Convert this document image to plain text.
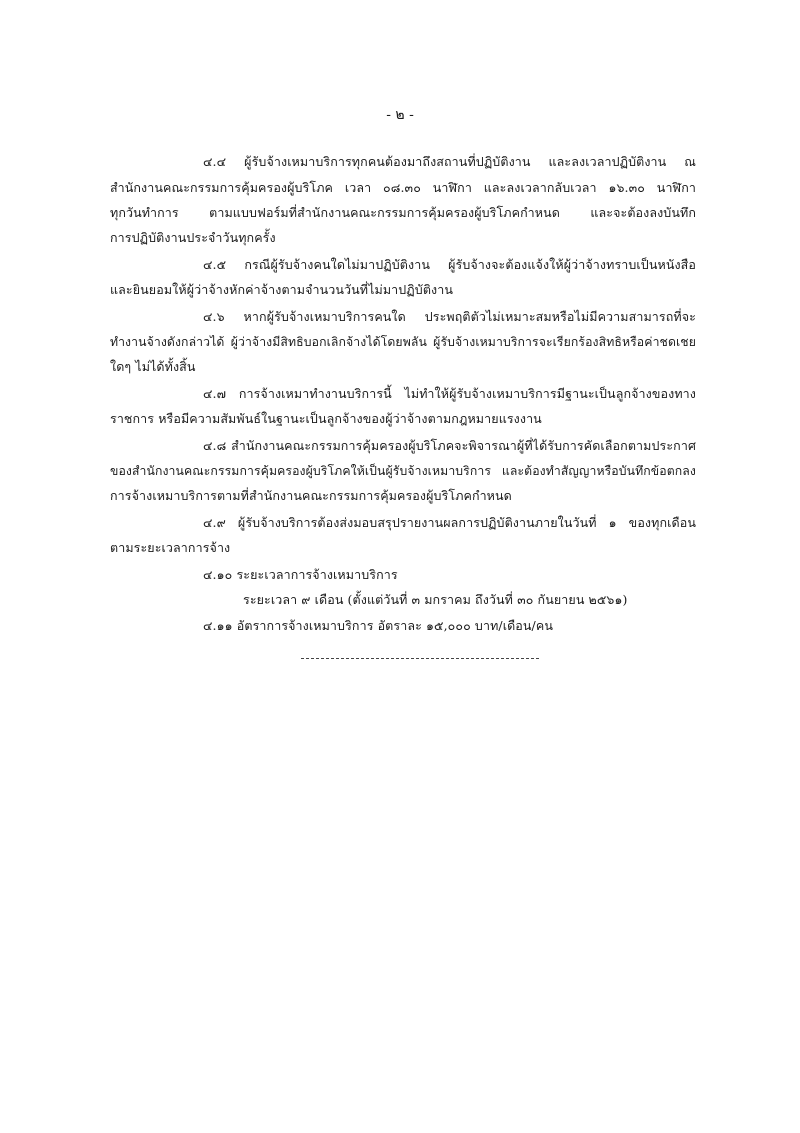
- ๒ -
๔.๔ ผู้รับจ้างเหมาบริการทุกคนต้องมาถึงสถานที่ปฏิบัติงาน และลงเวลาปฏิบัติงาน ณ
สำนักงานคณะกรรมการคุ้มครองผู้บริโภค เวลา ๐๘.๓๐ นาฬิกา และลงเวลากลับเวลา ๑๖.๓๐ นาฬิกา
ทุกวันทำการ ตามแบบฟอร์มที่สำนักงานคณะกรรมการคุ้มครองผู้บริโภคกำหนด และจะต้องลงบันทึก
การปฏิบัติงานประจำวันทุกครั้ง
๔.๕ กรณีผู้รับจ้างคนใดไม่มาปฏิบัติงาน ผู้รับจ้างจะต้องแจ้งให้ผู้ว่าจ้างทราบเป็นหนังสือ
และยินยอมให้ผู้ว่าจ้างหักค่าจ้างตามจำนวนวันที่ไม่มาปฏิบัติงาน
๔.๖ หากผู้รับจ้างเหมาบริการคนใด ประพฤติตัวไม่เหมาะสมหรือไม่มีความสามารถที่จะ
ทำงานจ้างดังกล่าวได้ ผู้ว่าจ้างมีสิทธิบอกเลิกจ้างได้โดยพลัน ผู้รับจ้างเหมาบริการจะเรียกร้องสิทธิหรือค่าชดเชย
ใดๆ ไม่ได้ทั้งสิ้น
๔.๗ การจ้างเหมาทำงานบริการนี้ ไม่ทำให้ผู้รับจ้างเหมาบริการมีฐานะเป็นลูกจ้างของทาง
ราชการ หรือมีความสัมพันธ์ในฐานะเป็นลูกจ้างของผู้ว่าจ้างตามกฎหมายแรงงาน
๔.๘ สำนักงานคณะกรรมการคุ้มครองผู้บริโภคจะพิจารณาผู้ที่ได้รับการคัดเลือกตามประกาศ
ของสำนักงานคณะกรรมการคุ้มครองผู้บริโภคให้เป็นผู้รับจ้างเหมาบริการ และต้องทำสัญญาหรือบันทึกข้อตกลง
การจ้างเหมาบริการตามที่สำนักงานคณะกรรมการคุ้มครองผู้บริโภคกำหนด
๔.๙ ผู้รับจ้างบริการต้องส่งมอบสรุปรายงานผลการปฏิบัติงานภายในวันที่ ๑ ของทุกเดือน
ตามระยะเวลาการจ้าง
๔.๑๐ ระยะเวลาการจ้างเหมาบริการ
ระยะเวลา ๙ เดือน (ตั้งแต่วันที่ ๓ มกราคม ถึงวันที่ ๓๐ กันยายน ๒๕๖๑)
๔.๑๑ อัตราการจ้างเหมาบริการ อัตราละ ๑๕,๐๐๐ บาท/เดือน/คน
